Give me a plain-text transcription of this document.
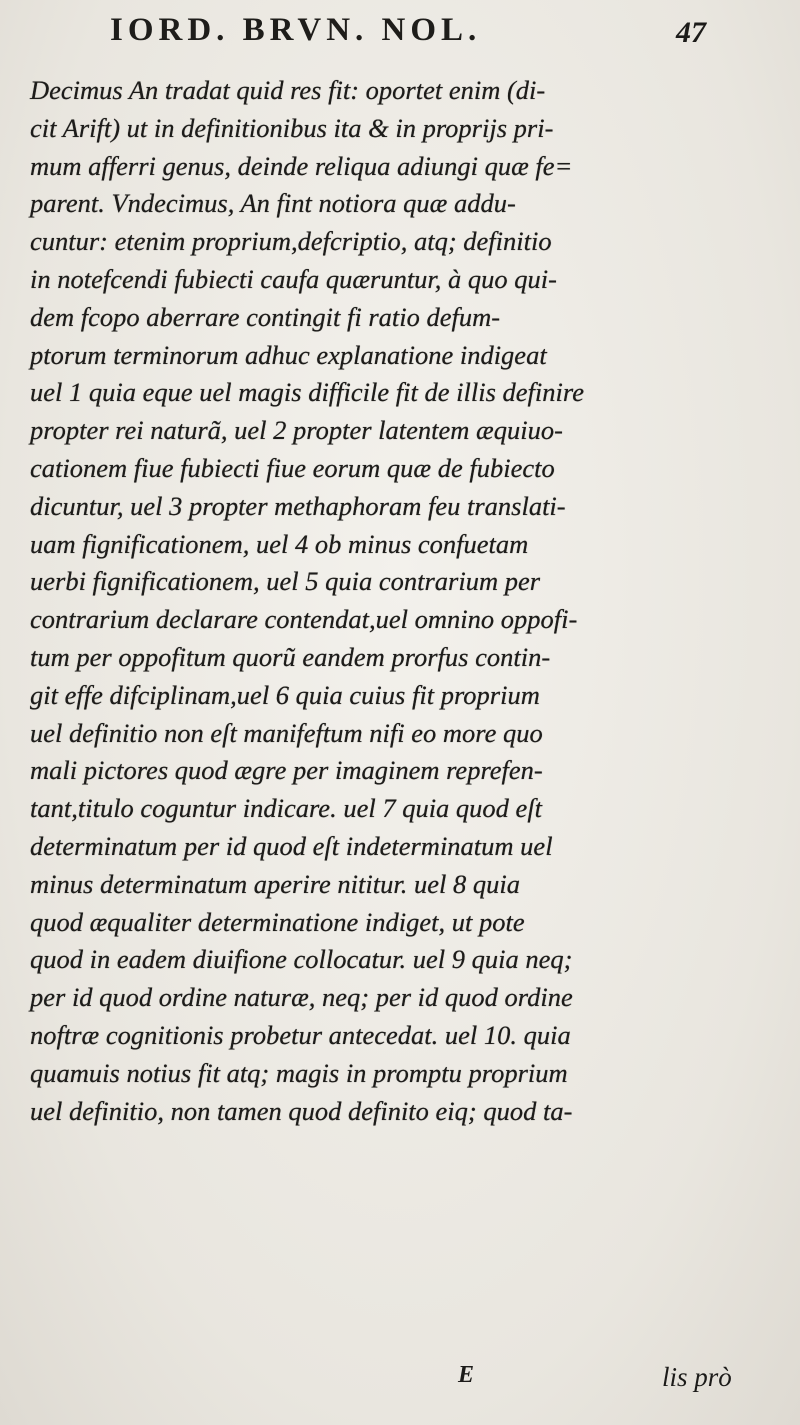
IORD. BRVN. NOL.	47
Decimus An tradat quid res fit: oportet enim (di-
cit Arift) ut in definitionibus ita & in proprijs pri-
mum afferri genus, deinde reliqua adiungi quæ fe=
parent. Vndecimus, An fint notiora quæ addu-
cuntur: etenim proprium,defcriptio, atq; definitio
in notefcendi fubiecti caufa quæruntur, à quo qui-
dem fcopo aberrare contingit fi ratio defum-
ptorum terminorum adhuc explanatione indigeat
uel 1 quia eque uel magis difficile fit de illis definire
propter rei naturã, uel 2 propter latentem æquiuo-
cationem fiue fubiecti fiue eorum quæ de fubiecto
dicuntur, uel 3 propter methaphoram feu translati-
uam fignificationem, uel 4 ob minus confuetam
uerbi fignificationem, uel 5 quia contrarium per
contrarium declarare contendat,uel omnino oppofi-
tum per oppofitum quorũ eandem prorfus contin-
git effe difciplinam,uel 6 quia cuius fit proprium
uel definitio non eſt manifeftum nifi eo more quo
mali pictores quod ægre per imaginem reprefen-
tant,titulo coguntur indicare. uel 7 quia quod eſt
determinatum per id quod eſt indeterminatum uel
minus determinatum aperire nititur. uel 8 quia
quod æqualiter determinatione indiget, ut pote
quod in eadem diuifione collocatur. uel 9 quia neq;
per id quod ordine naturæ, neq; per id quod ordine
noftræ cognitionis probetur antecedat. uel 10. quia
quamuis notius fit atq; magis in promptu proprium
uel definitio, non tamen quod definito eiq; quod ta-
E	lis prò
